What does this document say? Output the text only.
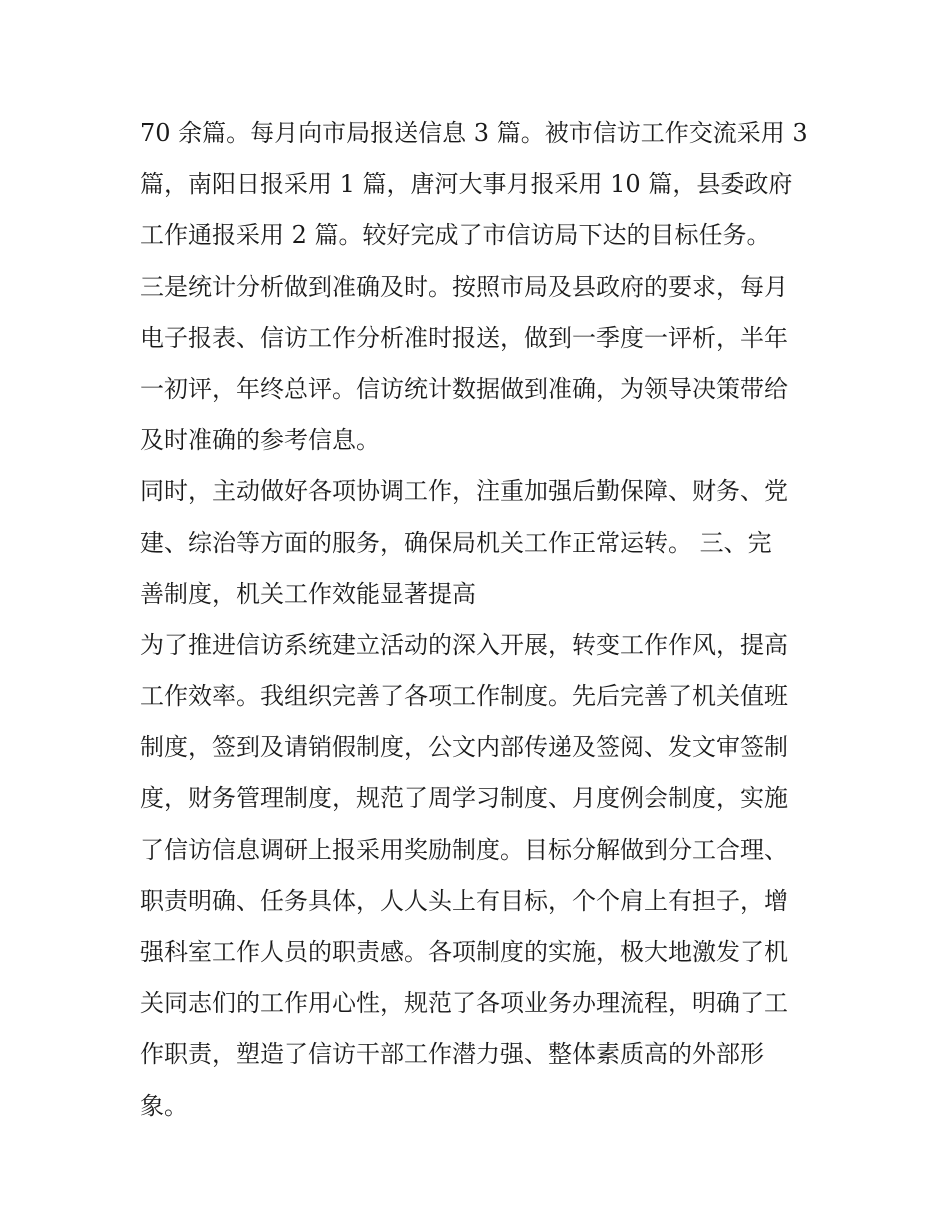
70 余篇。每月向市局报送信息 3 篇。被市信访工作交流采用 3
篇，南阳日报采用 1 篇，唐河大事月报采用 10 篇，县委政府
工作通报采用 2 篇。较好完成了市信访局下达的目标任务。
三是统计分析做到准确及时。按照市局及县政府的要求，每月
电子报表、信访工作分析准时报送，做到一季度一评析，半年
一初评，年终总评。信访统计数据做到准确，为领导决策带给
及时准确的参考信息。
同时，主动做好各项协调工作，注重加强后勤保障、财务、党
建、综治等方面的服务，确保局机关工作正常运转。 三、完
善制度，机关工作效能显著提高
为了推进信访系统建立活动的深入开展，转变工作作风，提高
工作效率。我组织完善了各项工作制度。先后完善了机关值班
制度，签到及请销假制度，公文内部传递及签阅、发文审签制
度，财务管理制度，规范了周学习制度、月度例会制度，实施
了信访信息调研上报采用奖励制度。目标分解做到分工合理、
职责明确、任务具体，人人头上有目标，个个肩上有担子，增
强科室工作人员的职责感。各项制度的实施，极大地激发了机
关同志们的工作用心性，规范了各项业务办理流程，明确了工
作职责，塑造了信访干部工作潜力强、整体素质高的外部形
象。
